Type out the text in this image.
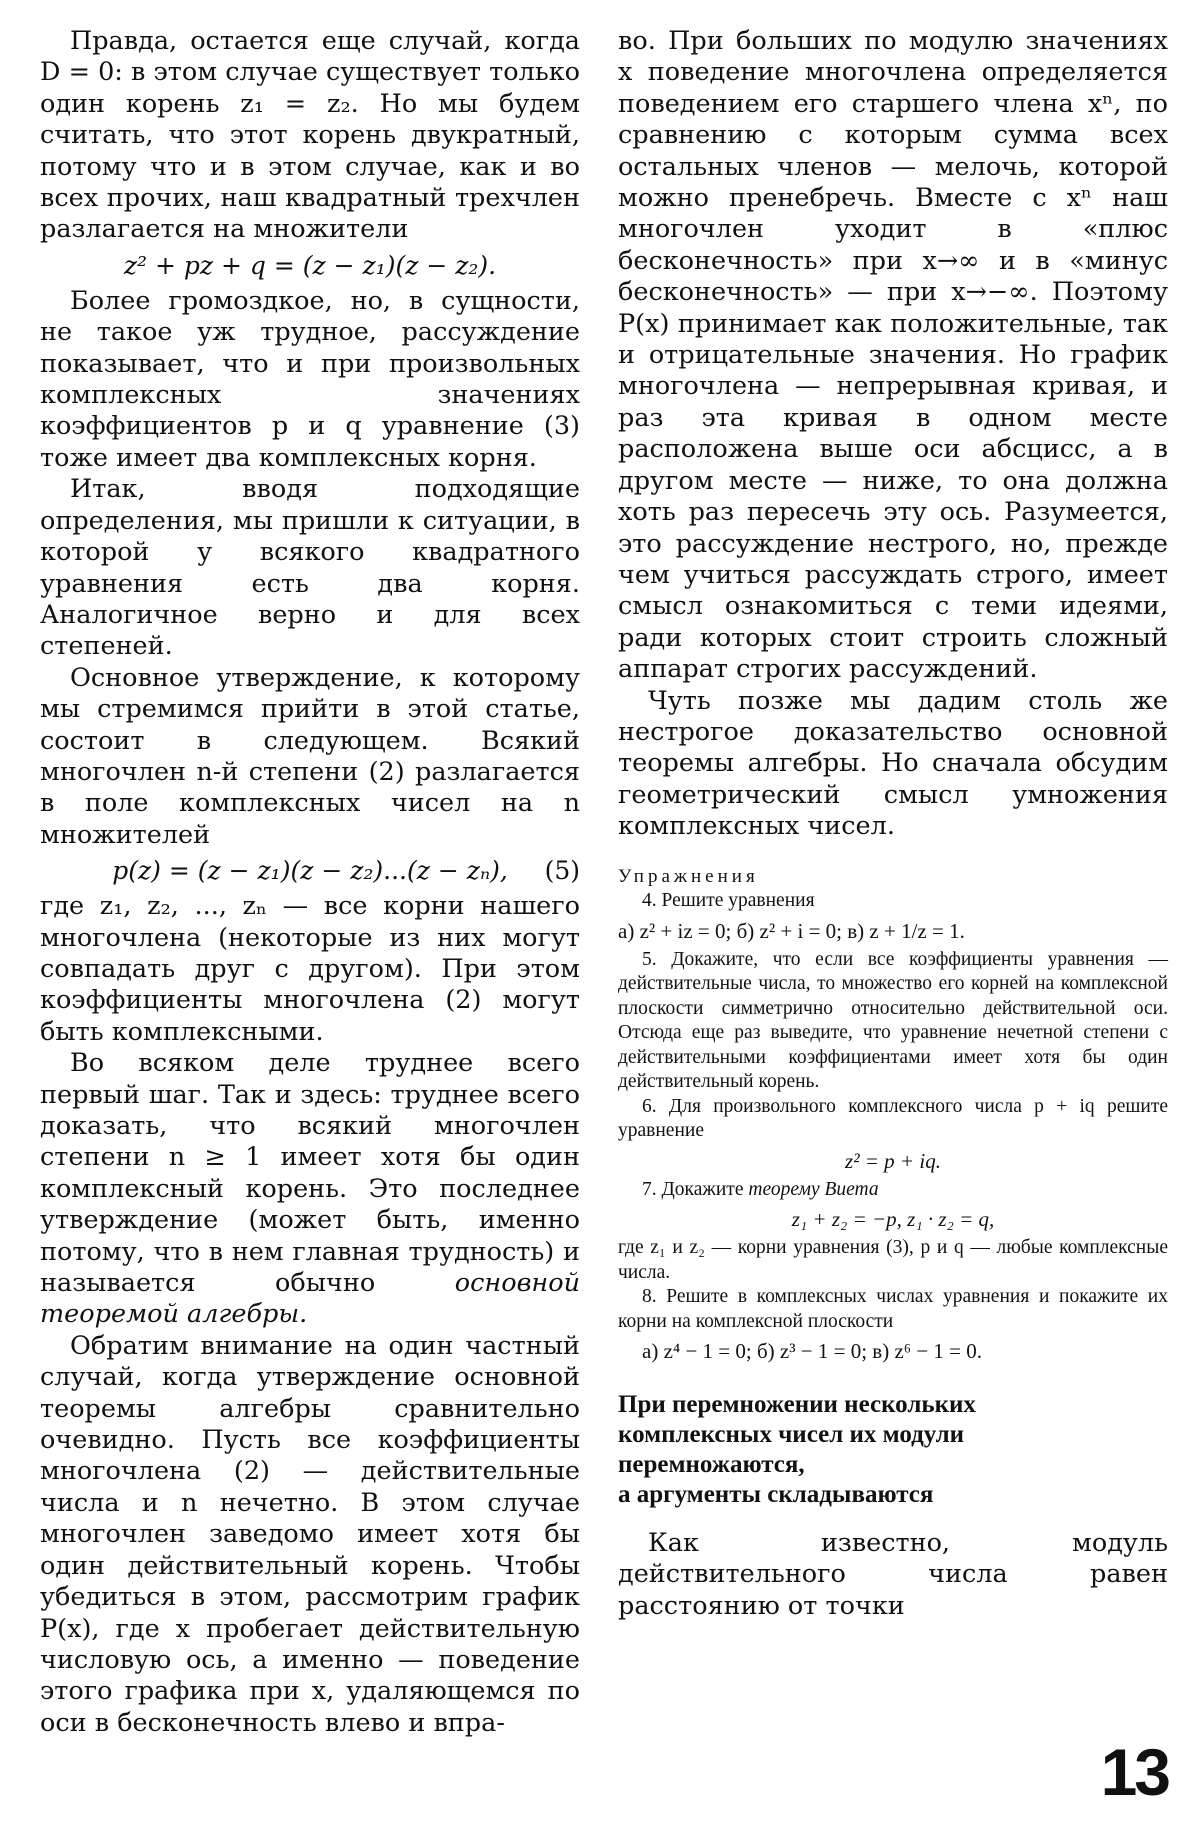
Правда, остается еще случай, когда D = 0: в этом случае существует только один корень z₁ = z₂. Но мы будем считать, что этот корень двукратный, потому что и в этом случае, как и во всех прочих, наш квадратный трехчлен разлагается на множители

z² + pz + q = (z − z₁)(z − z₂).

Более громоздкое, но, в сущности, не такое уж трудное, рассуждение показывает, что и при произвольных комплексных значениях коэффициентов p и q уравнение (3) тоже имеет два комплексных корня.

Итак, вводя подходящие определения, мы пришли к ситуации, в которой у всякого квадратного уравнения есть два корня. Аналогичное верно и для всех степеней.

Основное утверждение, к которому мы стремимся прийти в этой статье, состоит в следующем. Всякий многочлен n-й степени (2) разлагается в поле комплексных чисел на n множителей

p(z) = (z − z₁)(z − z₂)...(z − zₙ), (5)

где z₁, z₂, ..., zₙ — все корни нашего многочлена (некоторые из них могут совпадать друг с другом). При этом коэффициенты многочлена (2) могут быть комплексными.

Во всяком деле труднее всего первый шаг. Так и здесь: труднее всего доказать, что всякий многочлен степени n ≥ 1 имеет хотя бы один комплексный корень. Это последнее утверждение (может быть, именно потому, что в нем главная трудность) и называется обычно основной теоремой алгебры.

Обратим внимание на один частный случай, когда утверждение основной теоремы алгебры сравнительно очевидно. Пусть все коэффициенты многочлена (2) — действительные числа и n нечетно. В этом случае многочлен заведомо имеет хотя бы один действительный корень. Чтобы убедиться в этом, рассмотрим график P(x), где x пробегает действительную числовую ось, а именно — поведение этого графика при x, удаляющемся по оси в бесконечность влево и впра-

во. При больших по модулю значениях x поведение многочлена определяется поведением его старшего члена xⁿ, по сравнению с которым сумма всех остальных членов — мелочь, которой можно пренебречь. Вместе с xⁿ наш многочлен уходит в «плюс бесконечность» при x→∞ и в «минус бесконечность» — при x→−∞. Поэтому P(x) принимает как положительные, так и отрицательные значения. Но график многочлена — непрерывная кривая, и раз эта кривая в одном месте расположена выше оси абсцисс, а в другом месте — ниже, то она должна хоть раз пересечь эту ось. Разумеется, это рассуждение нестрого, но, прежде чем учиться рассуждать строго, имеет смысл ознакомиться с теми идеями, ради которых стоит строить сложный аппарат строгих рассуждений.

Чуть позже мы дадим столь же нестрогое доказательство основной теоремы алгебры. Но сначала обсудим геометрический смысл умножения комплексных чисел.

Упражнения

4. Решите уравнения

а) z² + iz = 0; б) z² + i = 0; в) z + 1/z = 1.

5. Докажите, что если все коэффициенты уравнения — действительные числа, то множество его корней на комплексной плоскости симметрично относительно действительной оси. Отсюда еще раз выведите, что уравнение нечетной степени с действительными коэффициентами имеет хотя бы один действительный корень.

6. Для произвольного комплексного числа p + iq решите уравнение

z² = p + iq.

7. Докажите теорему Виета

z₁ + z₂ = −p, z₁ · z₂ = q,

где z₁ и z₂ — корни уравнения (3), p и q — любые комплексные числа.

8. Решите в комплексных числах уравнения и покажите их корни на комплексной плоскости

а) z⁴ − 1 = 0; б) z³ − 1 = 0; в) z⁶ − 1 = 0.

При перемножении нескольких

комплексных чисел их модули

перемножаются,

а аргументы складываются

Как известно, модуль действительного числа равен расстоянию от точки

13
